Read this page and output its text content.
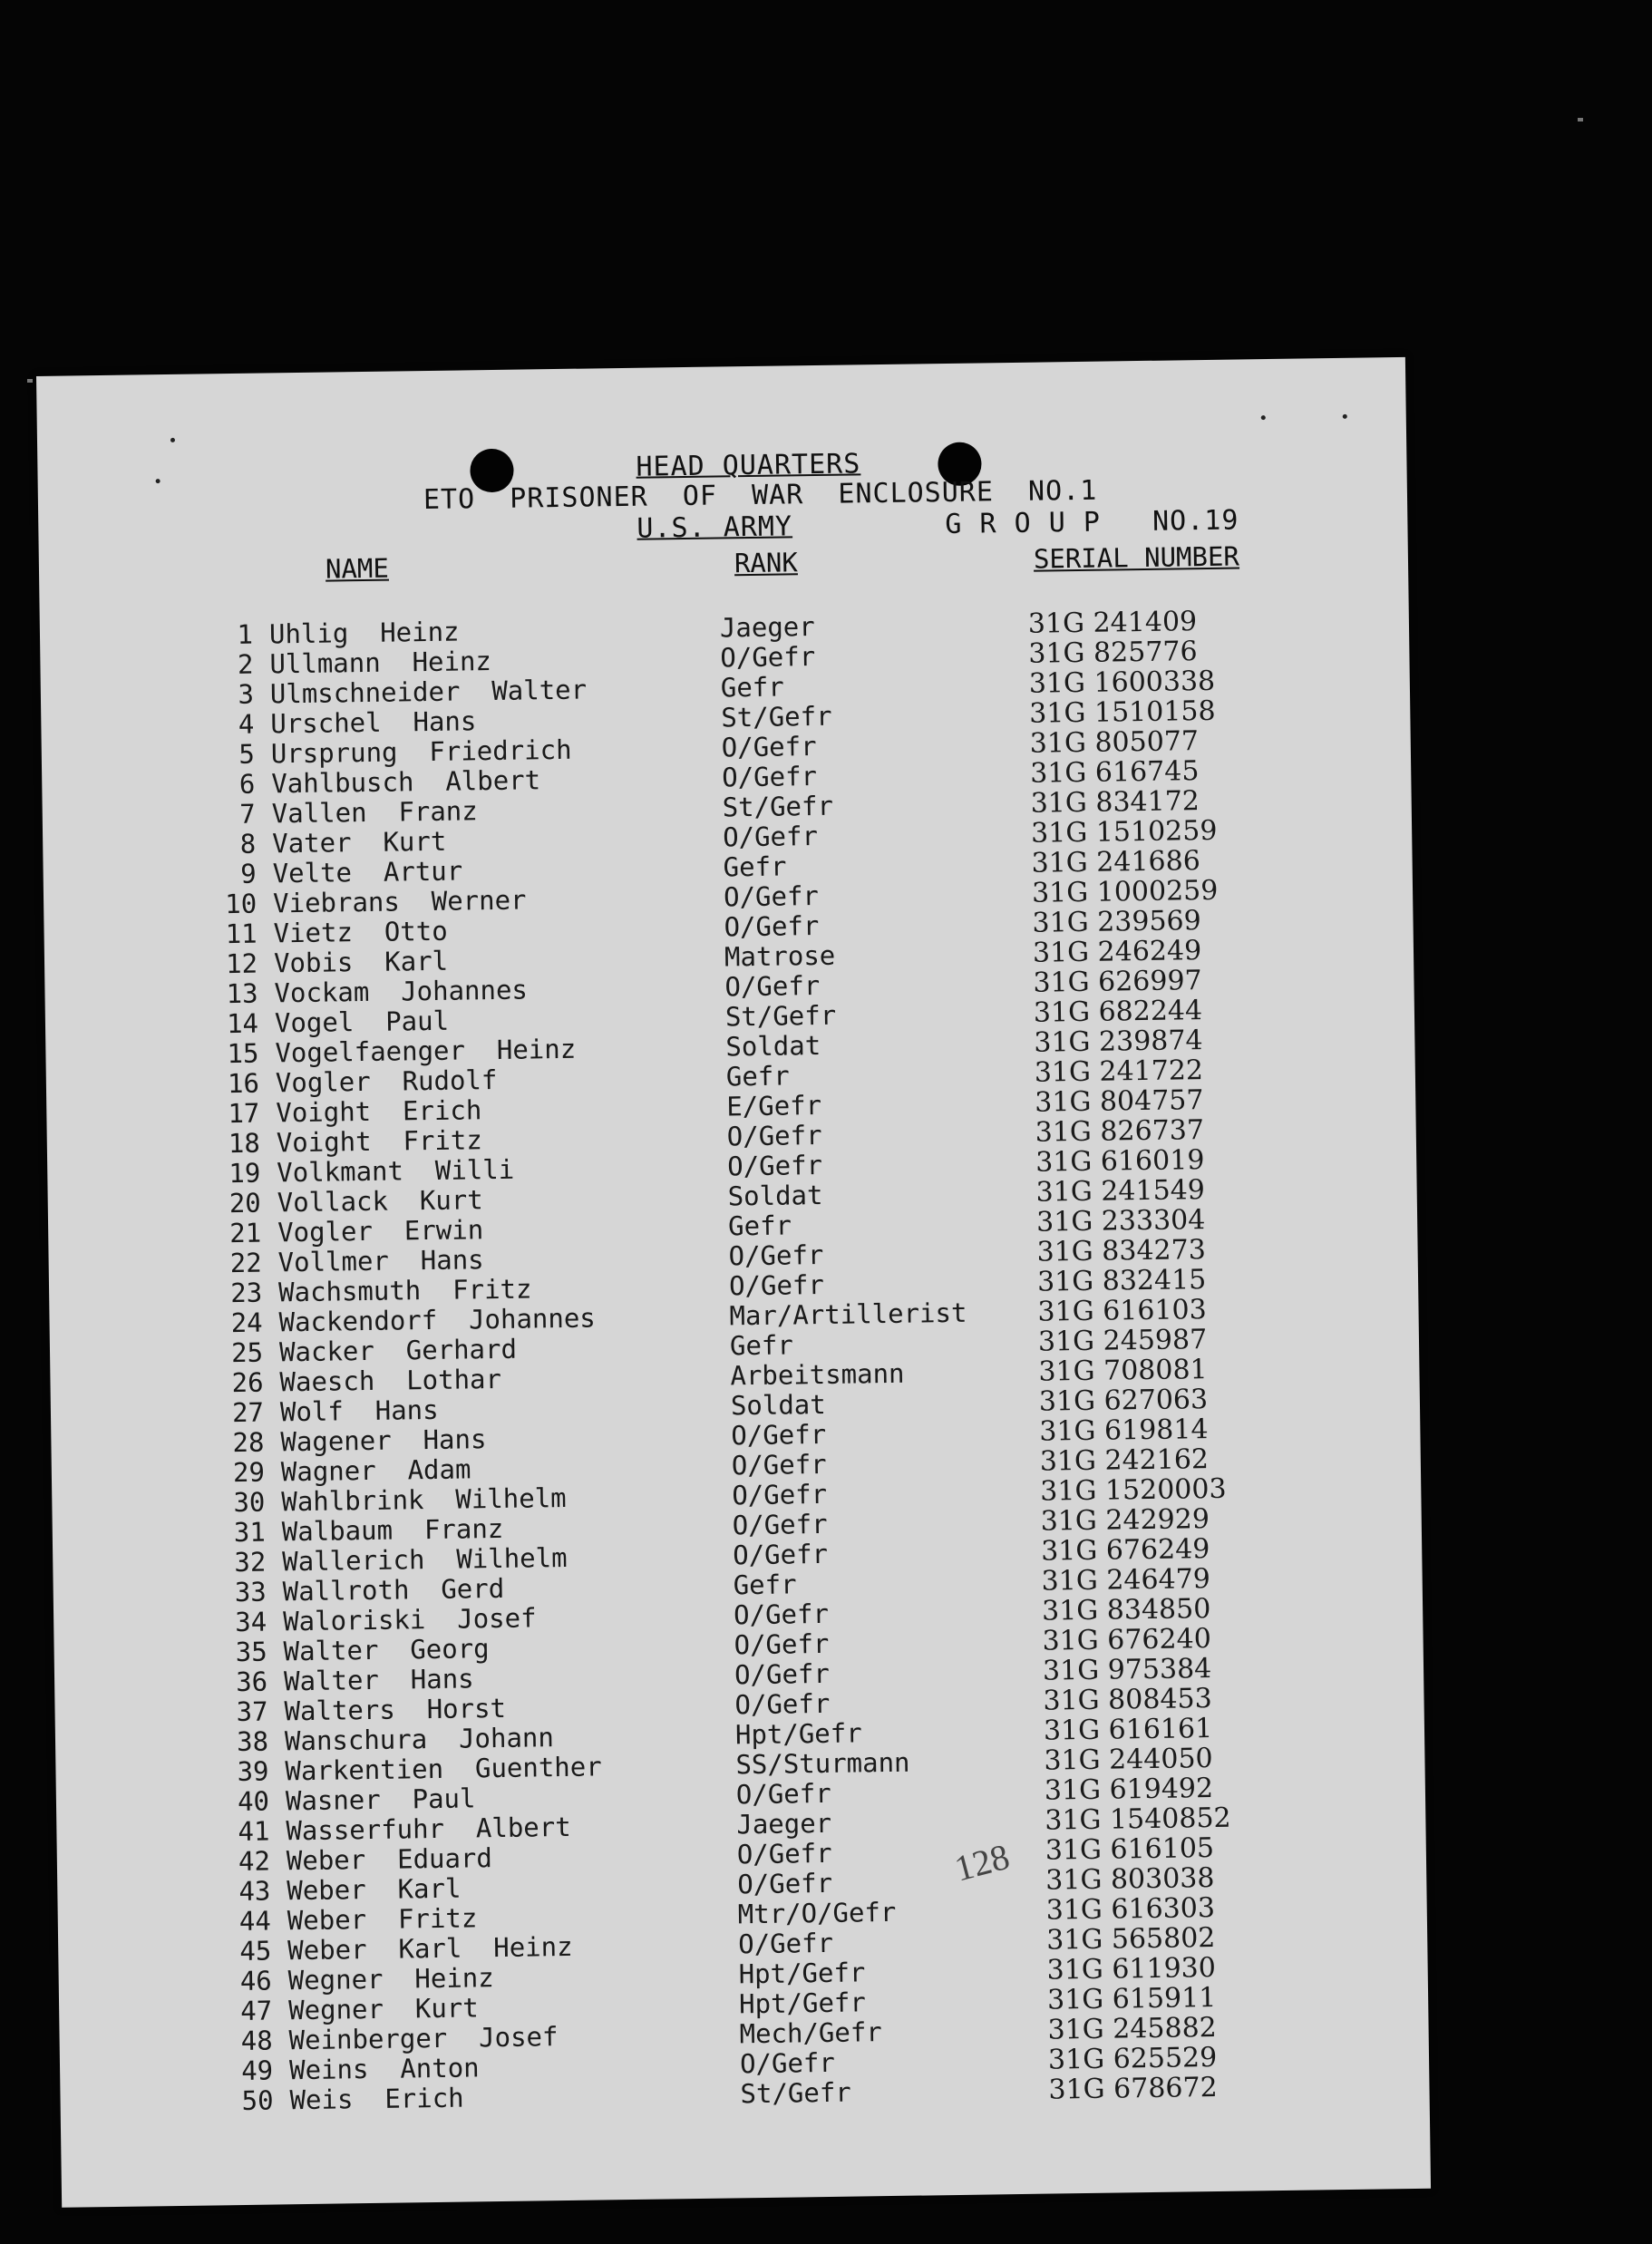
HEAD QUARTERS
ETO  PRISONER  OF  WAR  ENCLOSURE  NO.1
U.S. ARMY	G R O U P   NO.19
NAME	RANK	SERIAL NUMBER
1 Uhlig  Heinz	Jaeger	31G 241409
2 Ullmann  Heinz	O/Gefr	31G 825776
3 Ulmschneider  Walter	Gefr	31G 1600338
4 Urschel  Hans	St/Gefr	31G 1510158
5 Ursprung  Friedrich	O/Gefr	31G 805077
6 Vahlbusch  Albert	O/Gefr	31G 616745
7 Vallen  Franz	St/Gefr	31G 834172
8 Vater  Kurt	O/Gefr	31G 1510259
9 Velte  Artur	Gefr	31G 241686
10 Viebrans  Werner	O/Gefr	31G 1000259
11 Vietz  Otto	O/Gefr	31G 239569
12 Vobis  Karl	Matrose	31G 246249
13 Vockam  Johannes	O/Gefr	31G 626997
14 Vogel  Paul	St/Gefr	31G 682244
15 Vogelfaenger  Heinz	Soldat	31G 239874
16 Vogler  Rudolf	Gefr	31G 241722
17 Voight  Erich	E/Gefr	31G 804757
18 Voight  Fritz	O/Gefr	31G 826737
19 Volkmant  Willi	O/Gefr	31G 616019
20 Vollack  Kurt	Soldat	31G 241549
21 Vogler  Erwin	Gefr	31G 233304
22 Vollmer  Hans	O/Gefr	31G 834273
23 Wachsmuth  Fritz	O/Gefr	31G 832415
24 Wackendorf  Johannes	Mar/Artillerist	31G 616103
25 Wacker  Gerhard	Gefr	31G 245987
26 Waesch  Lothar	Arbeitsmann	31G 708081
27 Wolf  Hans	Soldat	31G 627063
28 Wagener  Hans	O/Gefr	31G 619814
29 Wagner  Adam	O/Gefr	31G 242162
30 Wahlbrink  Wilhelm	O/Gefr	31G 1520003
31 Walbaum  Franz	O/Gefr	31G 242929
32 Wallerich  Wilhelm	O/Gefr	31G 676249
33 Wallroth  Gerd	Gefr	31G 246479
34 Waloriski  Josef	O/Gefr	31G 834850
35 Walter  Georg	O/Gefr	31G 676240
36 Walter  Hans	O/Gefr	31G 975384
37 Walters  Horst	O/Gefr	31G 808453
38 Wanschura  Johann	Hpt/Gefr	31G 616161
39 Warkentien  Guenther	SS/Sturmann	31G 244050
40 Wasner  Paul	O/Gefr	31G 619492
41 Wasserfuhr  Albert	Jaeger	31G 1540852
42 Weber  Eduard	O/Gefr	31G 616105
43 Weber  Karl	O/Gefr	31G 803038
44 Weber  Fritz	Mtr/O/Gefr	31G 616303
45 Weber  Karl  Heinz	O/Gefr	31G 565802
46 Wegner  Heinz	Hpt/Gefr	31G 611930
47 Wegner  Kurt	Hpt/Gefr	31G 615911
48 Weinberger  Josef	Mech/Gefr	31G 245882
49 Weins  Anton	O/Gefr	31G 625529
50 Weis  Erich	St/Gefr	31G 678672
128
